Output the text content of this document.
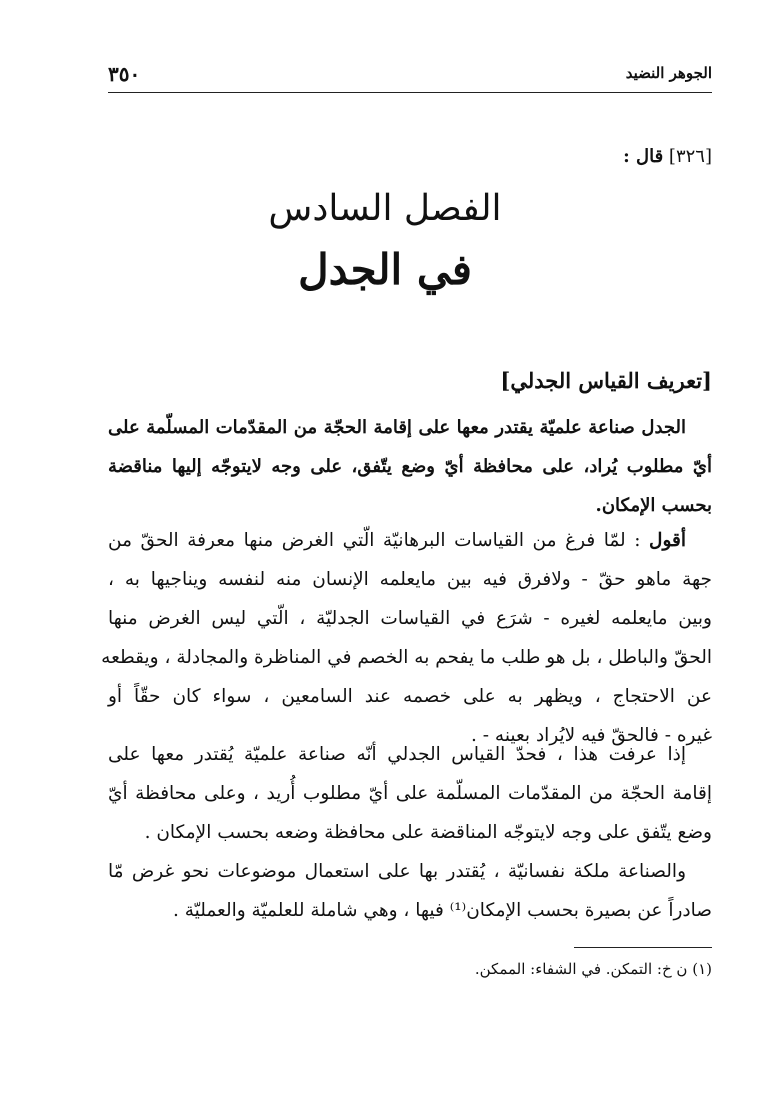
٣٥٠	الجوهر النضيد
[٣٢٦] قال :
الفصل السادس
في الجدل
[تعريف القياس الجدلي]
الجدل صناعة علميّة يقتدر معها على إقامة الحجّة من المقدّمات المسلّمة على
أيّ مطلوب يُراد، على محافظة أيّ وضع يتّفق، على وجه لايتوجّه إليها مناقضة
بحسب الإمكان.
أقول : لمّا فرغ من القياسات البرهانيّة الّتي الغرض منها معرفة الحقّ من
جهة ماهو حقّ - ولافرق فيه بين مايعلمه الإنسان منه لنفسه ويناجيها به ،
وبين مايعلمه لغيره - شرَع في القياسات الجدليّة ، الّتي ليس الغرض منها
الحقّ والباطل ، بل هو طلب ما يفحم به الخصم في المناظرة والمجادلة ، ويقطعه
عن الاحتجاج ، ويظهر به على خصمه عند السامعين ، سواء كان حقّاً أو
غيره - فالحقّ فيه لايُراد بعينه - .
إذا عرفت هذا ، فحدّ القياس الجدلي أنّه صناعة علميّة يُقتدر معها على
إقامة الحجّة من المقدّمات المسلّمة على أيّ مطلوب أُريد ، وعلى محافظة أيّ
وضع يتّفق على وجه لايتوجّه المناقضة على محافظة وضعه بحسب الإمكان .
والصناعة ملكة نفسانيّة ، يُقتدر بها على استعمال موضوعات نحو غرض مّا
صادراً عن بصيرة بحسب الإمكان⁽¹⁾ فيها ، وهي شاملة للعلميّة والعمليّة .
(١) ن خ: التمكن. في الشفاء: الممكن.
